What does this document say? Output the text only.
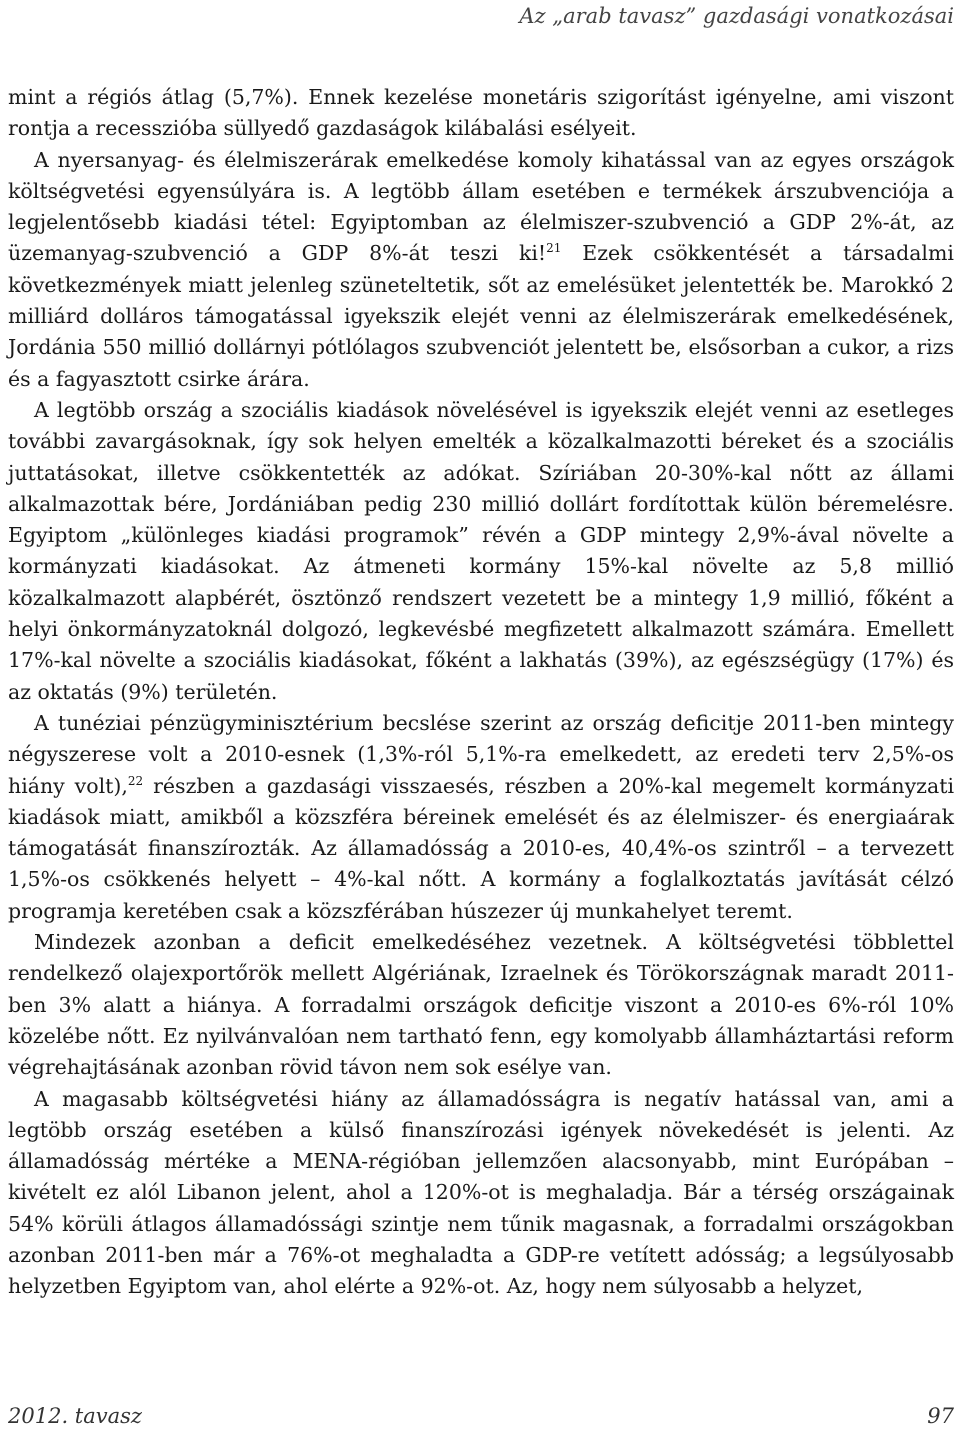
Az „arab tavasz” gazdasági vonatkozásai

mint a régiós átlag (5,7%). Ennek kezelése monetáris szigorítást igényelne, ami viszont rontja a recesszióba süllyedő gazdaságok kilábalási esélyeit.

A nyersanyag- és élelmiszerárak emelkedése komoly kihatással van az egyes országok költségvetési egyensúlyára is. A legtöbb állam esetében e termékek árszubvenciója a legjelentősebb kiadási tétel: Egyiptomban az élelmiszer-szubvenció a GDP 2%-át, az üzemanyag-szubvenció a GDP 8%-át teszi ki!$^{21}$ Ezek csökkentését a társadalmi következmények miatt jelenleg szüneteltetik, sőt az emelésüket jelentették be. Marokkó 2 milliárd dolláros támogatással igyekszik elejét venni az élelmiszerárak emelkedésének, Jordánia 550 millió dollárnyi pótlólagos szubvenciót jelentett be, elsősorban a cukor, a rizs és a fagyasztott csirke árára.

A legtöbb ország a szociális kiadások növelésével is igyekszik elejét venni az esetleges további zavargásoknak, így sok helyen emelték a közalkalmazotti béreket és a szociális juttatásokat, illetve csökkentették az adókat. Szíriában 20-30%-kal nőtt az állami alkalmazottak bére, Jordániában pedig 230 millió dollárt fordítottak külön béremelésre. Egyiptom „különleges kiadási programok” révén a GDP mintegy 2,9%-ával növelte a kormányzati kiadásokat. Az átmeneti kormány 15%-kal növelte az 5,8 millió közalkalmazott alapbérét, ösztönző rendszert vezetett be a mintegy 1,9 millió, főként a helyi önkormányzatoknál dolgozó, legkevésbé megfizetett alkalmazott számára. Emellett 17%-kal növelte a szociális kiadásokat, főként a lakhatás (39%), az egészségügy (17%) és az oktatás (9%) területén.

A tunéziai pénzügyminisztérium becslése szerint az ország deficitje 2011-ben mintegy négyszerese volt a 2010-esnek (1,3%-ról 5,1%-ra emelkedett, az eredeti terv 2,5%-os hiány volt),$^{22}$ részben a gazdasági visszaesés, részben a 20%-kal megemelt kormányzati kiadások miatt, amikből a közszféra béreinek emelését és az élelmiszer- és energiaárak támogatását finanszírozták. Az államadósság a 2010-es, 40,4%-os szintről – a tervezett 1,5%-os csökkenés helyett – 4%-kal nőtt. A kormány a foglalkoztatás javítását célzó programja keretében csak a közszférában húszezer új munkahelyet teremt.

Mindezek azonban a deficit emelkedéséhez vezetnek. A költségvetési többlettel rendelkező olajexportőrök mellett Algériának, Izraelnek és Törökországnak maradt 2011-ben 3% alatt a hiánya. A forradalmi országok deficitje viszont a 2010-es 6%-ról 10% közelébe nőtt. Ez nyilvánvalóan nem tartható fenn, egy komolyabb államháztartási reform végrehajtásának azonban rövid távon nem sok esélye van.

A magasabb költségvetési hiány az államadósságra is negatív hatással van, ami a legtöbb ország esetében a külső finanszírozási igények növekedését is jelenti. Az államadósság mértéke a MENA-régióban jellemzően alacsonyabb, mint Európában – kivételt ez alól Libanon jelent, ahol a 120%-ot is meghaladja. Bár a térség országainak 54% körüli átlagos államadóssági szintje nem tűnik magasnak, a forradalmi országokban azonban 2011-ben már a 76%-ot meghaladta a GDP-re vetített adósság; a legsúlyosabb helyzetben Egyiptom van, ahol elérte a 92%-ot. Az, hogy nem súlyosabb a helyzet,

2012. tavasz	97
